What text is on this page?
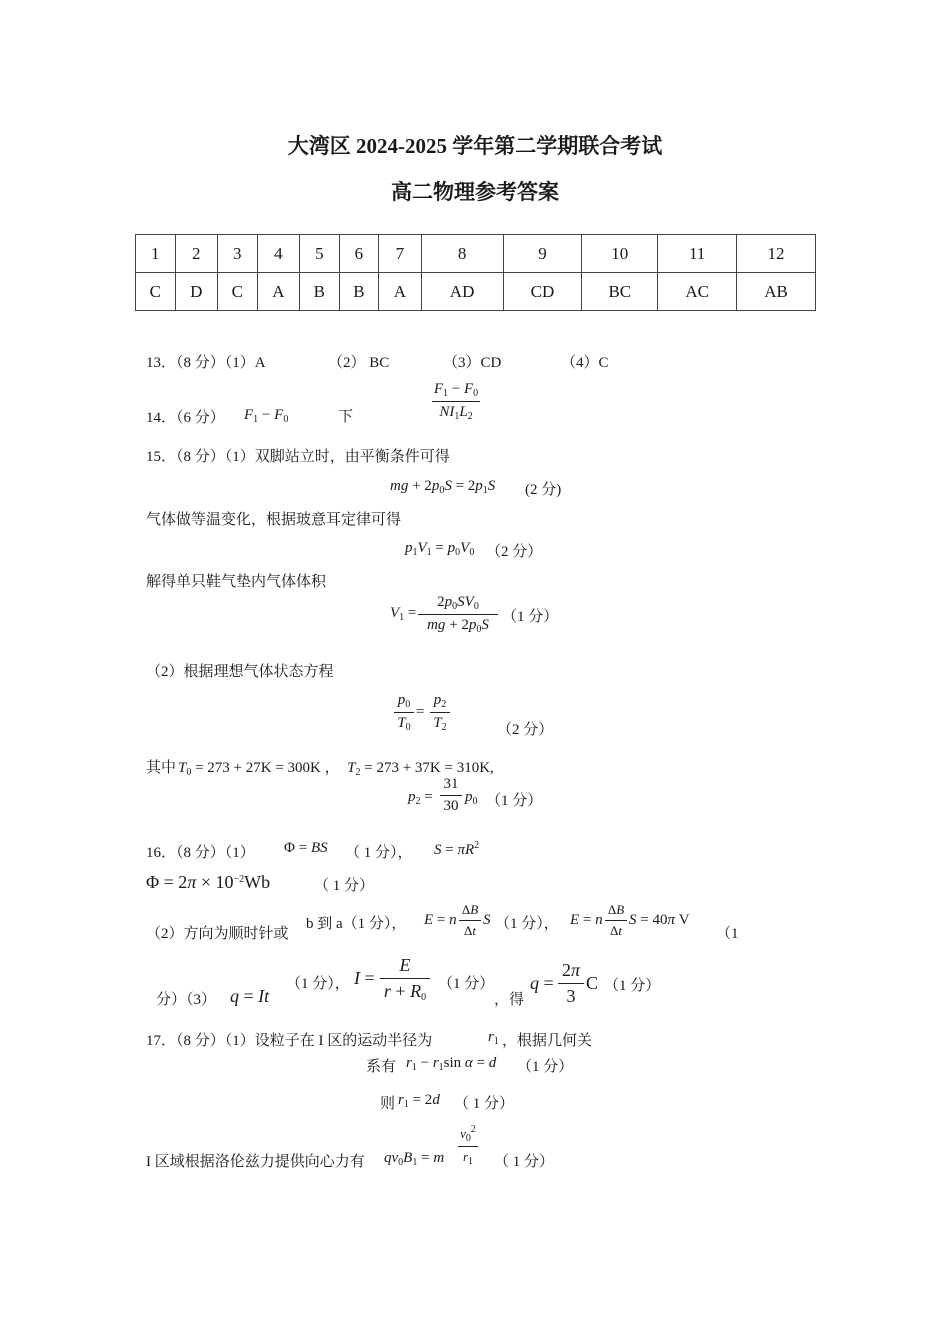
大湾区 2024-2025 学年第二学期联合考试
高二物理参考答案
1	2	3	4	5	6	7	8	9	10	11	12
C	D	C	A	B	B	A	AD	CD	BC	AC	AB
13．（8 分）（1）A	（2） BC	（3）CD	（4）C
14．（6 分） $F_1 - F_0$	下
$F_1 - F_0$
$NI_1L_2$
15．（8 分）（1）双脚站立时，由平衡条件可得
mg + $2p_0S = 2p_1S$ (2 分)
气体做等温变化，根据玻意耳定律可得
$p_1V_1 = p_0V_0$ （2 分）
解得单只鞋气垫内气体体积
$V_1$ =
$2p_0SV_0$
mg + $2p_0S$ （1 分）
（2）根据理想气体状态方程
$p_0$
$T_0$
=
$p_2$
$T_2$	（2 分）
其中 $T_0 = 273 + 27K = 300K$ ，  $T_2 = 273 + 37K = 310K$,
$p_2$ =
31
30
$p_0$ （1 分）
16．（8 分）（1） Φ = BS （ 1 分）， $S = \pi R^2$
$\Phi = 2\pi \times 10^{-2}Wb$	（ 1 分）
（2）方向为顺时针或
b 到 a（1 分）， E = n
ΔB
Δt
S （1 分）， E = n
ΔB
Δt
S = 40π V
（1
分）（3） q = It
（1 分）， I =
E
$r + R_0$
（1 分）
，得
q =
2π
3
C （1 分）
17．（8 分）（1）设粒子在 I 区的运动半径为	$r_1$ ，根据几何关
系有 $r_1 - r_1\sin$ α = d （1 分）
则 $r_1 = 2d$ （ 1 分）
I 区域根据洛伦兹力提供向心力有 $qv_0B_1 = m$
$v_0^2$
$r_1$	（ 1 分）
